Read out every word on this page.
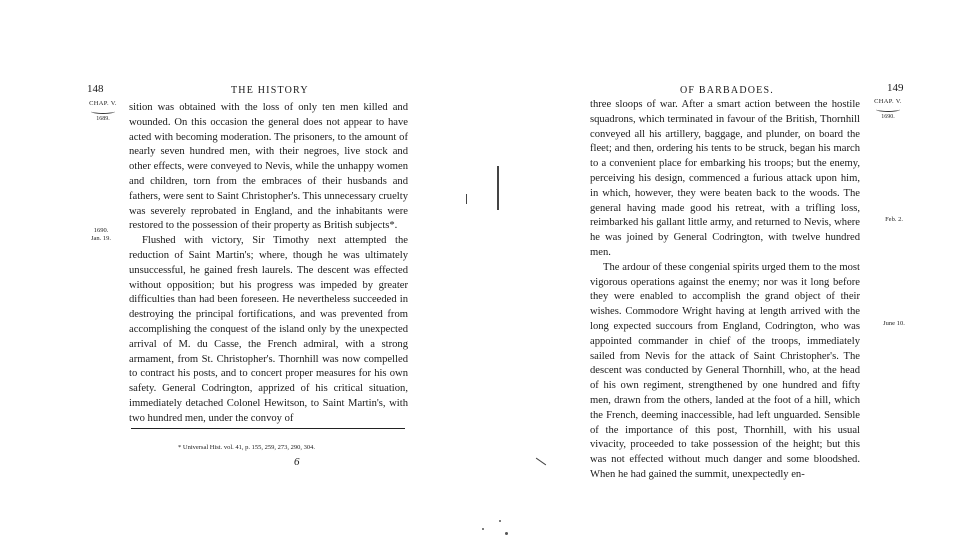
148	THE HISTORY
CHAP. V.
1689.
1690.
Jan. 19.

sition was obtained with the loss of only ten men killed and wounded. On this occasion the general does not appear to have acted with becoming moderation. The prisoners, to the amount of nearly seven hundred men, with their negroes, live stock and other effects, were conveyed to Nevis, while the unhappy women and children, torn from the embraces of their husbands and fathers, were sent to Saint Christopher's. This unnecessary cruelty was severely reprobated in England, and the inhabitants were restored to the possession of their property as British subjects*.

Flushed with victory, Sir Timothy next attempted the reduction of Saint Martin's; where, though he was ultimately unsuccessful, he gained fresh laurels. The descent was effected without opposition; but his progress was impeded by greater difficulties than had been foreseen. He nevertheless succeeded in destroying the principal fortifications, and was prevented from accomplishing the conquest of the island only by the unexpected arrival of M. du Casse, the French admiral, with a strong armament, from St. Christopher's. Thornhill was now compelled to contract his posts, and to concert proper measures for his own safety. General Codrington, apprized of his critical situation, immediately detached Colonel Hewitson, to Saint Martin's, with two hundred men, under the convoy of

* Universal Hist. vol. 41, p. 155, 259, 273, 290, 304.
6
OF BARBADOES.	149
CHAP. V.
1690.
Feb. 2.
June 10.

three sloops of war. After a smart action between the hostile squadrons, which terminated in favour of the British, Thornhill conveyed all his artillery, baggage, and plunder, on board the fleet; and then, ordering his tents to be struck, began his march to a convenient place for embarking his troops; but the enemy, perceiving his design, commenced a furious attack upon him, in which, however, they were beaten back to the woods. The general having made good his retreat, with a trifling loss, reimbarked his gallant little army, and returned to Nevis, where he was joined by General Codrington, with twelve hundred men.

The ardour of these congenial spirits urged them to the most vigorous operations against the enemy; nor was it long before they were enabled to accomplish the grand object of their wishes. Commodore Wright having at length arrived with the long expected succours from England, Codrington, who was appointed commander in chief of the troops, immediately sailed from Nevis for the attack of Saint Christopher's. The descent was conducted by General Thornhill, who, at the head of his own regiment, strengthened by one hundred and fifty men, drawn from the others, landed at the foot of a hill, which the French, deeming inaccessible, had left unguarded. Sensible of the importance of this post, Thornhill, with his usual vivacity, proceeded to take possession of the height; but this was not effected without much danger and some bloodshed. When he had gained the summit, unexpectedly en-
